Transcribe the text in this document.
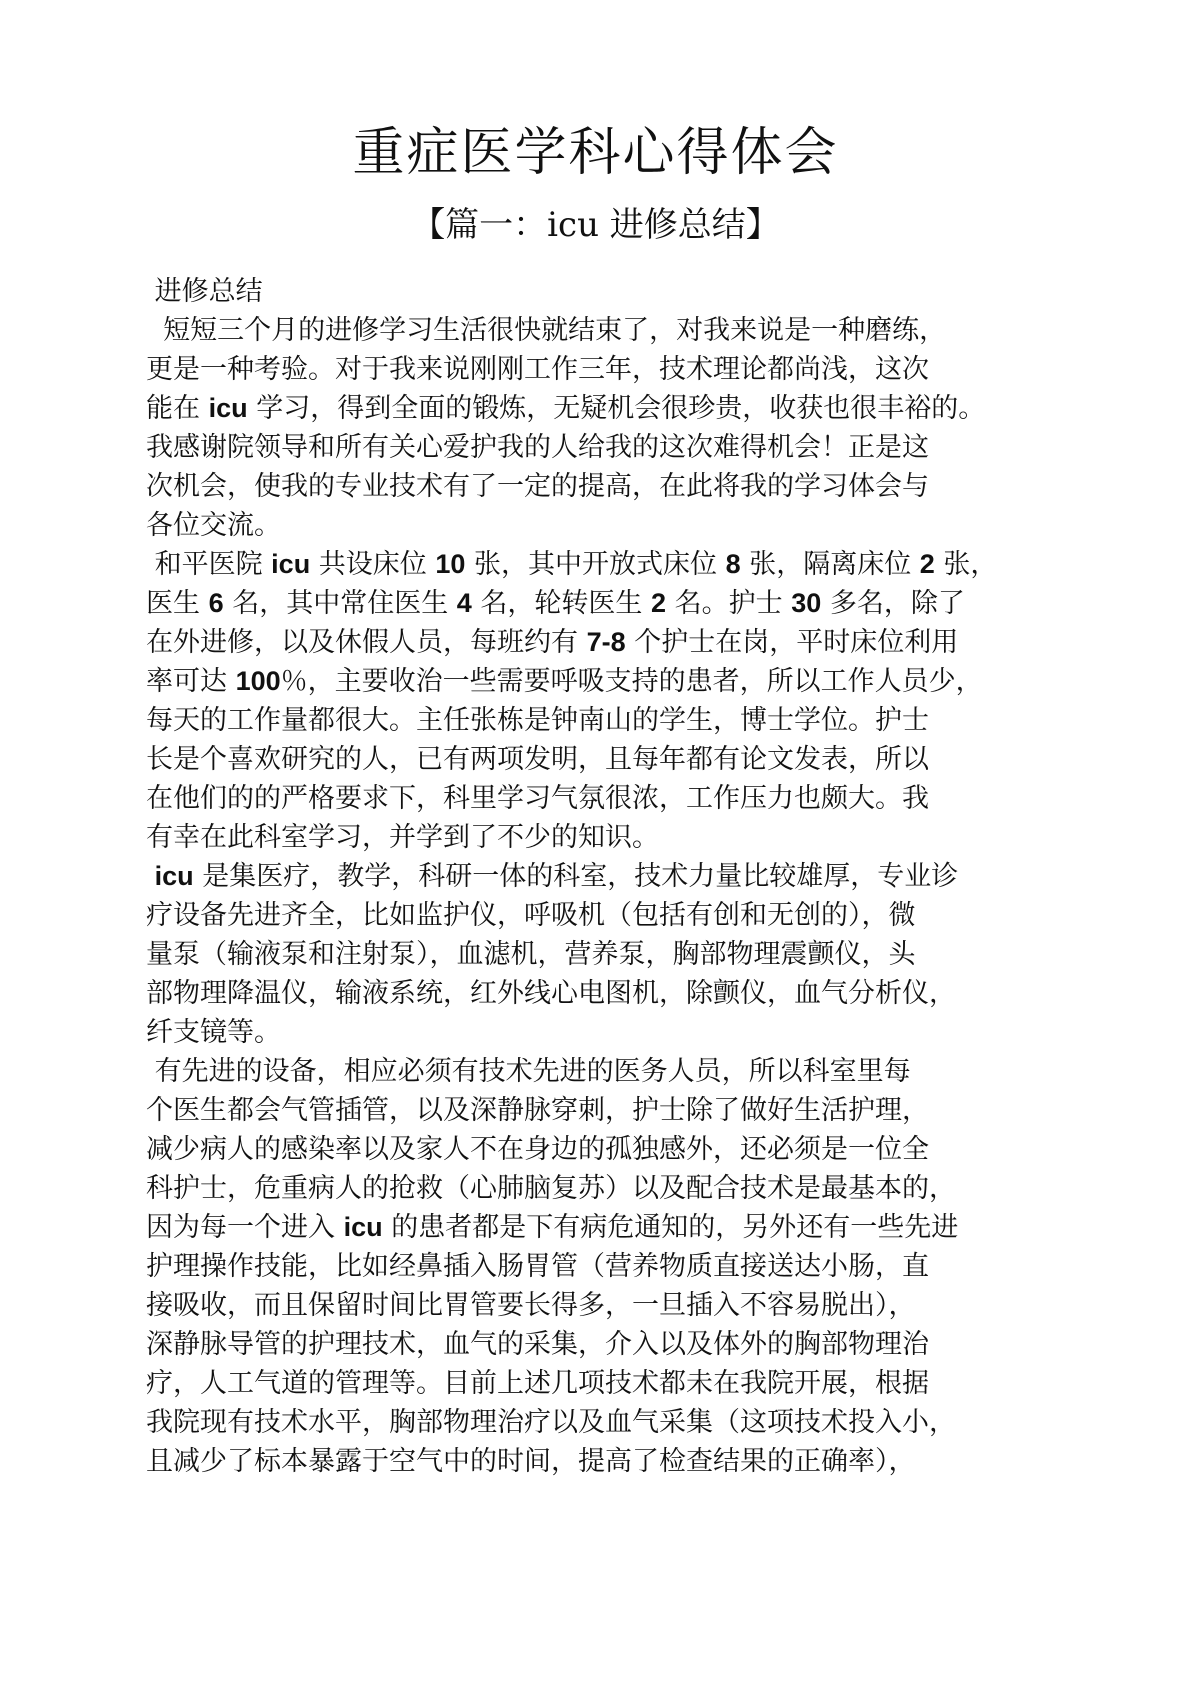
重症医学科心得体会
【篇一：icu 进修总结】
进修总结
短短三个月的进修学习生活很快就结束了，对我来说是一种磨练，
更是一种考验。对于我来说刚刚工作三年，技术理论都尚浅，这次
能在 icu 学习，得到全面的锻炼，无疑机会很珍贵，收获也很丰裕的。
我感谢院领导和所有关心爱护我的人给我的这次难得机会！正是这
次机会，使我的专业技术有了一定的提高，在此将我的学习体会与
各位交流。
和平医院 icu 共设床位 10 张，其中开放式床位 8 张，隔离床位 2 张，
医生 6 名，其中常住医生 4 名，轮转医生 2 名。护士 30 多名，除了
在外进修，以及休假人员，每班约有 7-8 个护士在岗，平时床位利用
率可达 100％，主要收治一些需要呼吸支持的患者，所以工作人员少，
每天的工作量都很大。主任张栋是钟南山的学生，博士学位。护士
长是个喜欢研究的人，已有两项发明，且每年都有论文发表，所以
在他们的的严格要求下，科里学习气氛很浓，工作压力也颇大。我
有幸在此科室学习，并学到了不少的知识。
icu 是集医疗，教学，科研一体的科室，技术力量比较雄厚，专业诊
疗设备先进齐全，比如监护仪，呼吸机（包括有创和无创的），微
量泵（输液泵和注射泵），血滤机，营养泵，胸部物理震颤仪，头
部物理降温仪，输液系统，红外线心电图机，除颤仪，血气分析仪，
纤支镜等。
有先进的设备，相应必须有技术先进的医务人员，所以科室里每
个医生都会气管插管，以及深静脉穿刺，护士除了做好生活护理，
减少病人的感染率以及家人不在身边的孤独感外，还必须是一位全
科护士，危重病人的抢救（心肺脑复苏）以及配合技术是最基本的，
因为每一个进入 icu 的患者都是下有病危通知的，另外还有一些先进
护理操作技能，比如经鼻插入肠胃管（营养物质直接送达小肠，直
接吸收，而且保留时间比胃管要长得多，一旦插入不容易脱出），
深静脉导管的护理技术，血气的采集，介入以及体外的胸部物理治
疗，人工气道的管理等。目前上述几项技术都未在我院开展，根据
我院现有技术水平，胸部物理治疗以及血气采集（这项技术投入小，
且减少了标本暴露于空气中的时间，提高了检查结果的正确率），
